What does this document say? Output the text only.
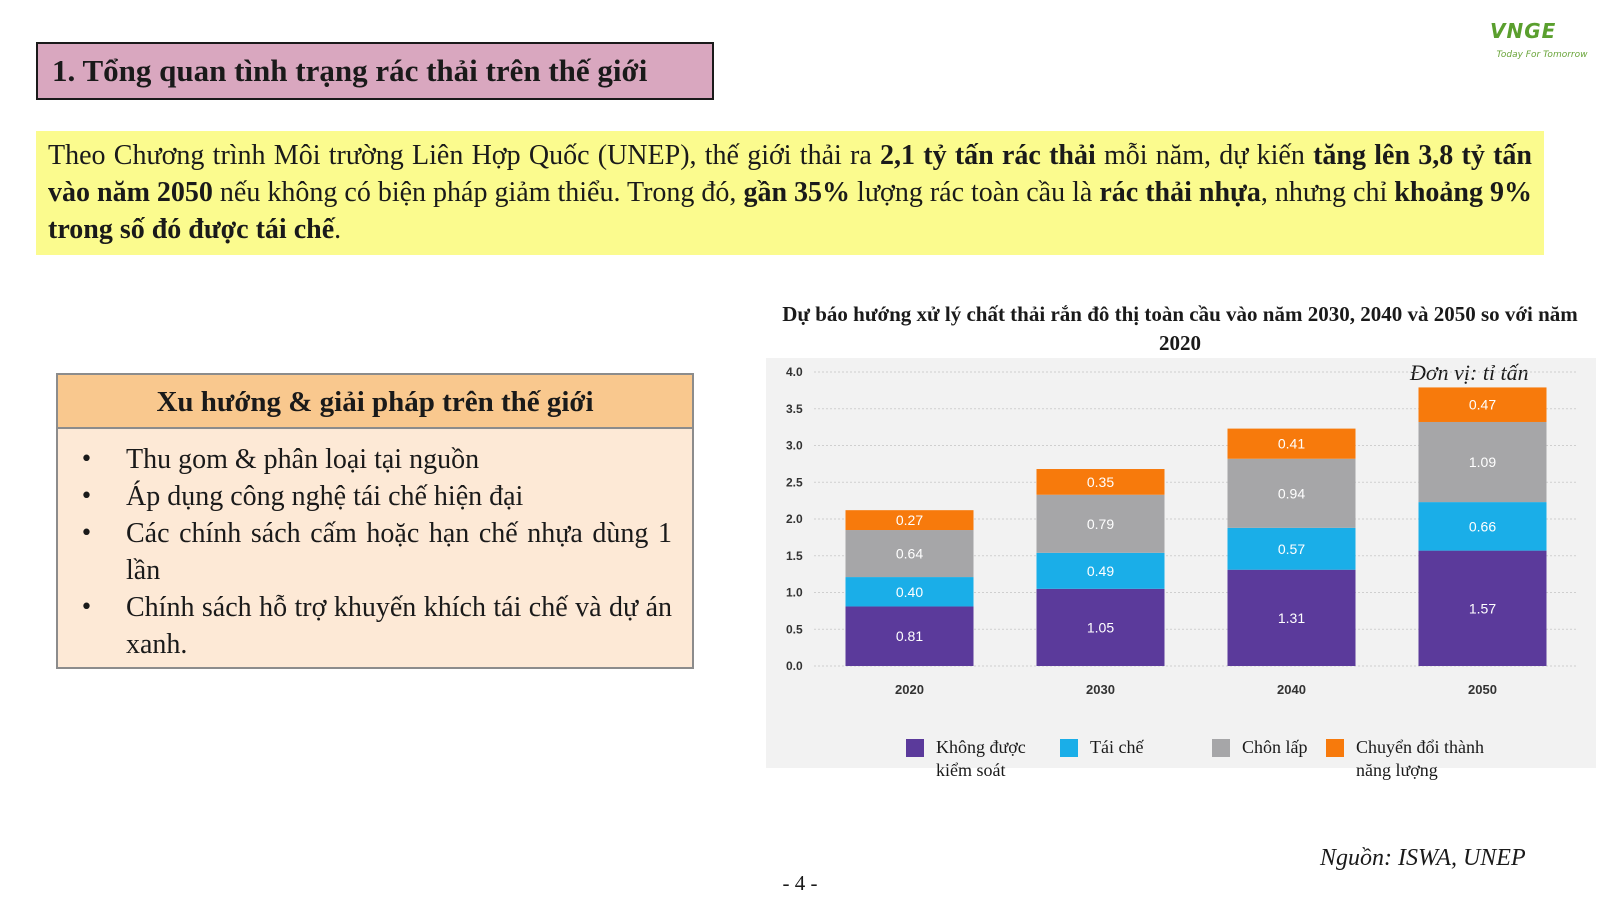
1. Tổng quan tình trạng rác thải trên thế giới
VNGE
Today For Tomorrow
Theo Chương trình Môi trường Liên Hợp Quốc (UNEP), thế giới thải ra 2,1 tỷ tấn rác thải mỗi năm, dự kiến tăng lên 3,8 tỷ tấn vào năm 2050 nếu không có biện pháp giảm thiểu. Trong đó, gần 35% lượng rác toàn cầu là rác thải nhựa, nhưng chỉ khoảng 9% trong số đó được tái chế.
Xu hướng & giải pháp trên thế giới
•	Thu gom & phân loại tại nguồn
•	Áp dụng công nghệ tái chế hiện đại
•	Các chính sách cấm hoặc hạn chế nhựa dùng 1 lần
•	Chính sách hỗ trợ khuyến khích tái chế và dự án xanh.
Dự báo hướng xử lý chất thải rắn đô thị toàn cầu vào năm 2030, 2040 và 2050 so với năm 2020
Đơn vị: tỉ tấn
0.0
0.5
1.0
1.5
2.0
2.5
3.0
3.5
4.0
0.81
0.40
0.64
0.27
2020
1.05
0.49
0.79
0.35
2030
1.31
0.57
0.94
0.41
2040
1.57
0.66
1.09
0.47
2050
Không được kiểm soát
Tái chế	Chôn lấp	Chuyển đổi thành năng lượng
Nguồn: ISWA, UNEP
- 4 -
